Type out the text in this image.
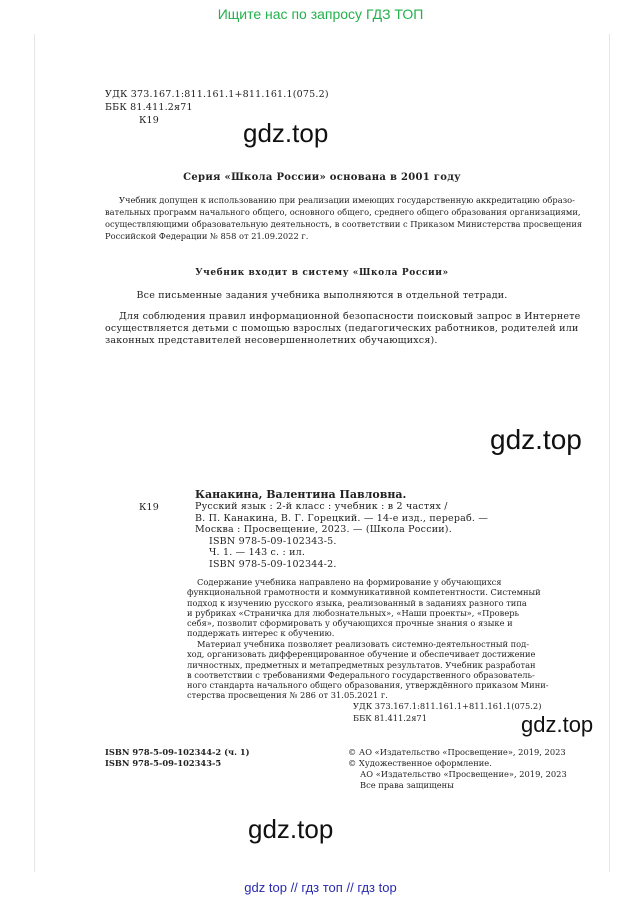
Ищите нас по запросу ГДЗ ТОП
УДК 373.167.1:811.161.1+811.161.1(075.2)
ББК 81.411.2я71
К19	gdz.top
Серия «Школа России» основана в 2001 году
Учебник допущен к использованию при реализации имеющих государственную аккредитацию образо-
вательных программ начального общего, основного общего, среднего общего образования организациями,
осуществляющими образовательную деятельность, в соответствии с Приказом Министерства просвещения
Российской Федерации № 858 от 21.09.2022 г.
Учебник входит в систему «Школа России»
Все письменные задания учебника выполняются в отдельной тетради.
Для соблюдения правил информационной безопасности поисковый запрос в Интернете
осуществляется детьми с помощью взрослых (педагогических работников, родителей или
законных представителей несовершеннолетних обучающихся).
gdz.top
Канакина, Валентина Павловна.
К19	Русский язык : 2-й класс : учебник : в 2 частях /
В. П. Канакина, В. Г. Горецкий. — 14-е изд., перераб. —
Москва : Просвещение, 2023. — (Школа России).
ISBN 978-5-09-102343-5.
Ч. 1. — 143 с. : ил.
ISBN 978-5-09-102344-2.
Содержание учебника направлено на формирование у обучающихся
функциональной грамотности и коммуникативной компетентности. Системный
подход к изучению русского языка, реализованный в заданиях разного типа
и рубриках «Страничка для любознательных», «Наши проекты», «Проверь
себя», позволит сформировать у обучающихся прочные знания о языке и
поддержать интерес к обучению.
Материал учебника позволяет реализовать системно-деятельностный под-
ход, организовать дифференцированное обучение и обеспечивает достижение
личностных, предметных и метапредметных результатов. Учебник разработан
в соответствии с требованиями Федерального государственного образователь-
ного стандарта начального общего образования, утверждённого приказом Мини-
стерства просвещения № 286 от 31.05.2021 г.
УДК 373.167.1:811.161.1+811.161.1(075.2)
ББК 81.411.2я71	gdz.top
ISBN 978-5-09-102344-2 (ч. 1)
ISBN 978-5-09-102343-5
© АО «Издательство «Просвещение», 2019, 2023
© Художественное оформление.
АО «Издательство «Просвещение», 2019, 2023
Все права защищены
gdz.top
gdz top // гдз топ // гдз top
